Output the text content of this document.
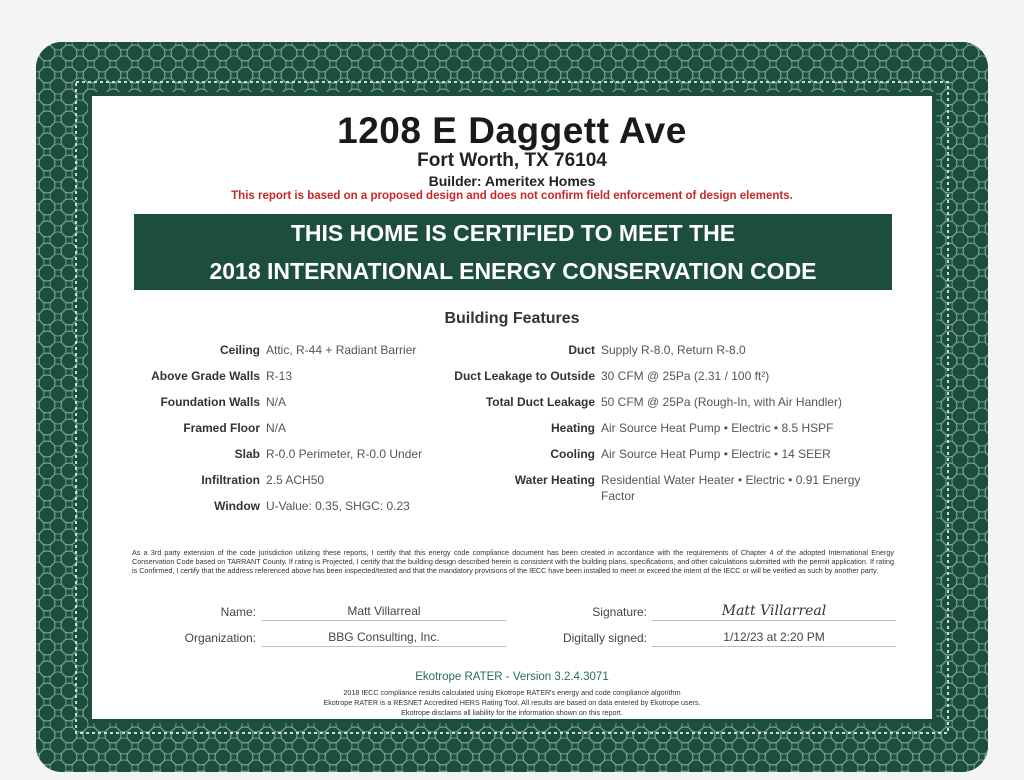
1208 E Daggett Ave
Fort Worth, TX 76104
Builder: Ameritex Homes
This report is based on a proposed design and does not confirm field enforcement of design elements.
THIS HOME IS CERTIFIED TO MEET THE
2018 INTERNATIONAL ENERGY CONSERVATION CODE
Building Features
Ceiling Attic, R-44 + Radiant Barrier
Above Grade Walls R-13
Foundation Walls N/A
Framed Floor N/A
Slab R-0.0 Perimeter, R-0.0 Under
Infiltration 2.5 ACH50
Window U-Value: 0.35, SHGC: 0.23
Duct Supply R-8.0, Return R-8.0
Duct Leakage to Outside 30 CFM @ 25Pa (2.31 / 100 ft²)
Total Duct Leakage 50 CFM @ 25Pa (Rough-In, with Air Handler)
Heating Air Source Heat Pump • Electric • 8.5 HSPF
Cooling Air Source Heat Pump • Electric • 14 SEER
Water Heating Residential Water Heater • Electric • 0.91 Energy
Factor
As a 3rd party extension of the code jurisdiction utilizing these reports, I certify that this energy code compliance document has been created in accordance with the requirements of Chapter 4 of the adopted International Energy Conservation Code based on TARRANT County. If rating is Projected, I certify that the building design described herein is consistent with the building plans, specifications, and other calculations submitted with the permit application. If rating is Confirmed, I certify that the address referenced above has been inspected/tested and that the mandatory provisions of the IECC have been installed to meet or exceed the intent of the IECC or will be verified as such by another party.
Name:	Matt Villarreal	Signature:	Matt Villarreal
Organization:	BBG Consulting, Inc.	Digitally signed:	1/12/23 at 2:20 PM
Ekotrope RATER - Version 3.2.4.3071
2018 IECC compliance results calculated using Ekotrope RATER's energy and code compliance algorithm
Ekotrope RATER is a RESNET Accredited HERS Rating Tool. All results are based on data entered by Ekotrope users.
Ekotrope disclaims all liability for the information shown on this report.
